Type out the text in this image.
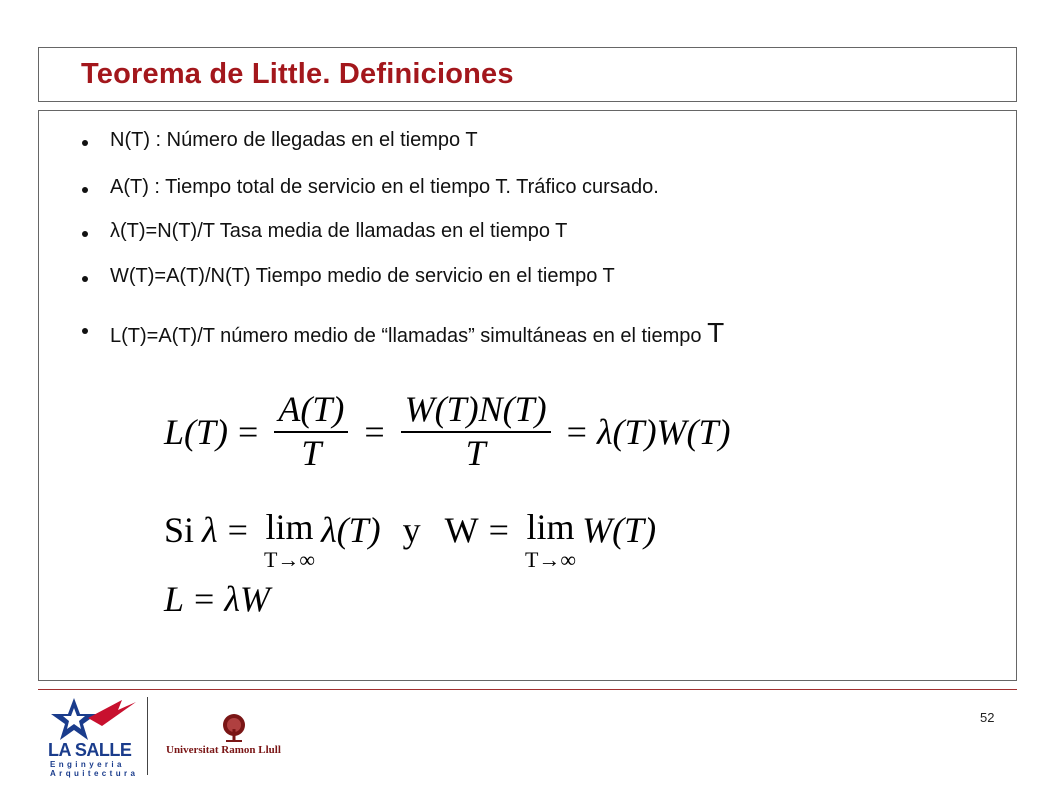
Teorema de Little. Definiciones
N(T) : Número de llegadas en el tiempo T
A(T) : Tiempo total de servicio en el tiempo T. Tráfico cursado.
λ(T)=N(T)/T Tasa media de llamadas en el tiempo T
W(T)=A(T)/N(T) Tiempo medio de servicio en el tiempo T
L(T)=A(T)/T número medio de “llamadas” simultáneas en el tiempo T
$L(T) = \frac{A(T)}{T} = \frac{W(T)N(T)}{T} = \lambda(T)W(T)$
Si λ = lim
T→∞
λ(T) y W = lim
T→∞
W(T)
L = λW
52
LA SALLE
Enginyeria
Arquitectura
Universitat Ramon Llull
